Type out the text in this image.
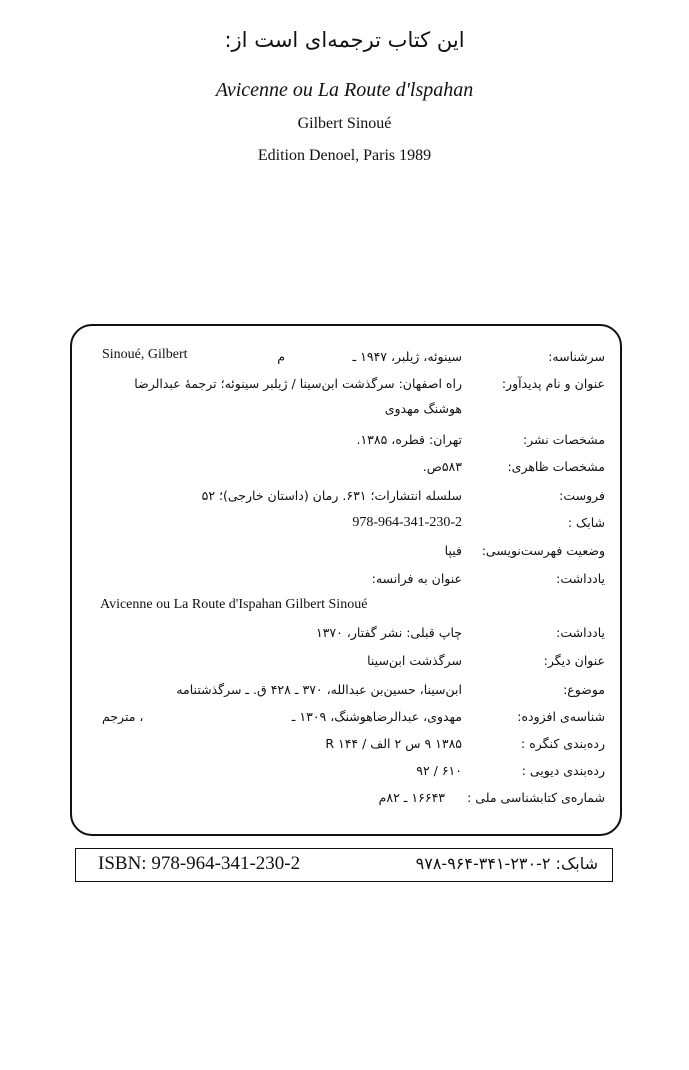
این کتاب ترجمه‌ای است از:
Avicenne ou La Route d'lspahan
Gilbert Sinoué
Edition Denoel, Paris 1989
سرشناسه:
سینوئه، ژیلبر، ۱۹۴۷ ـ
م
Sinoué, Gilbert
عنوان و نام پدیدآور:
راه اصفهان: سرگذشت ابن‌سینا / ژیلبر سینوئه؛ ترجمهٔ عبدالرضا
هوشنگ مهدوی
مشخصات نشر:
تهران: قطره، ۱۳۸۵.
مشخصات ظاهری:
۵۸۳ص.
فروست:
سلسله انتشارات؛ ۶۳۱. رمان (داستان خارجی)؛ ۵۲
شابک :
978-964-341-230-2
وضعیت فهرست‌نویسی:
فیپا
یادداشت:
عنوان به فرانسه:
Avicenne ou La Route d'Ispahan Gilbert Sinoué
یادداشت:
چاپ قبلی: نشر گفتار، ۱۳۷۰
عنوان دیگر:
سرگذشت ابن‌سینا
موضوع:
ابن‌سینا، حسین‌بن عبدالله، ۳۷۰ ـ ۴۲۸ ق. ـ سرگذشتنامه
شناسه‌ی افزوده:
مهدوی، عبدالرضاهوشنگ، ۱۳۰۹ ـ
، مترجم
رده‌بندی کنگره :
۱۳۸۵ ۹ س ۲ الف / ۱۴۴ R
رده‌بندی دیویی :
۶۱۰ / ۹۲
شماره‌ی کتابشناسی ملی :
۱۶۶۴۳ ـ ۸۲م
ISBN: 978-964-341-230-2	شابک: ۲-۲۳۰-۳۴۱-۹۶۴-۹۷۸
